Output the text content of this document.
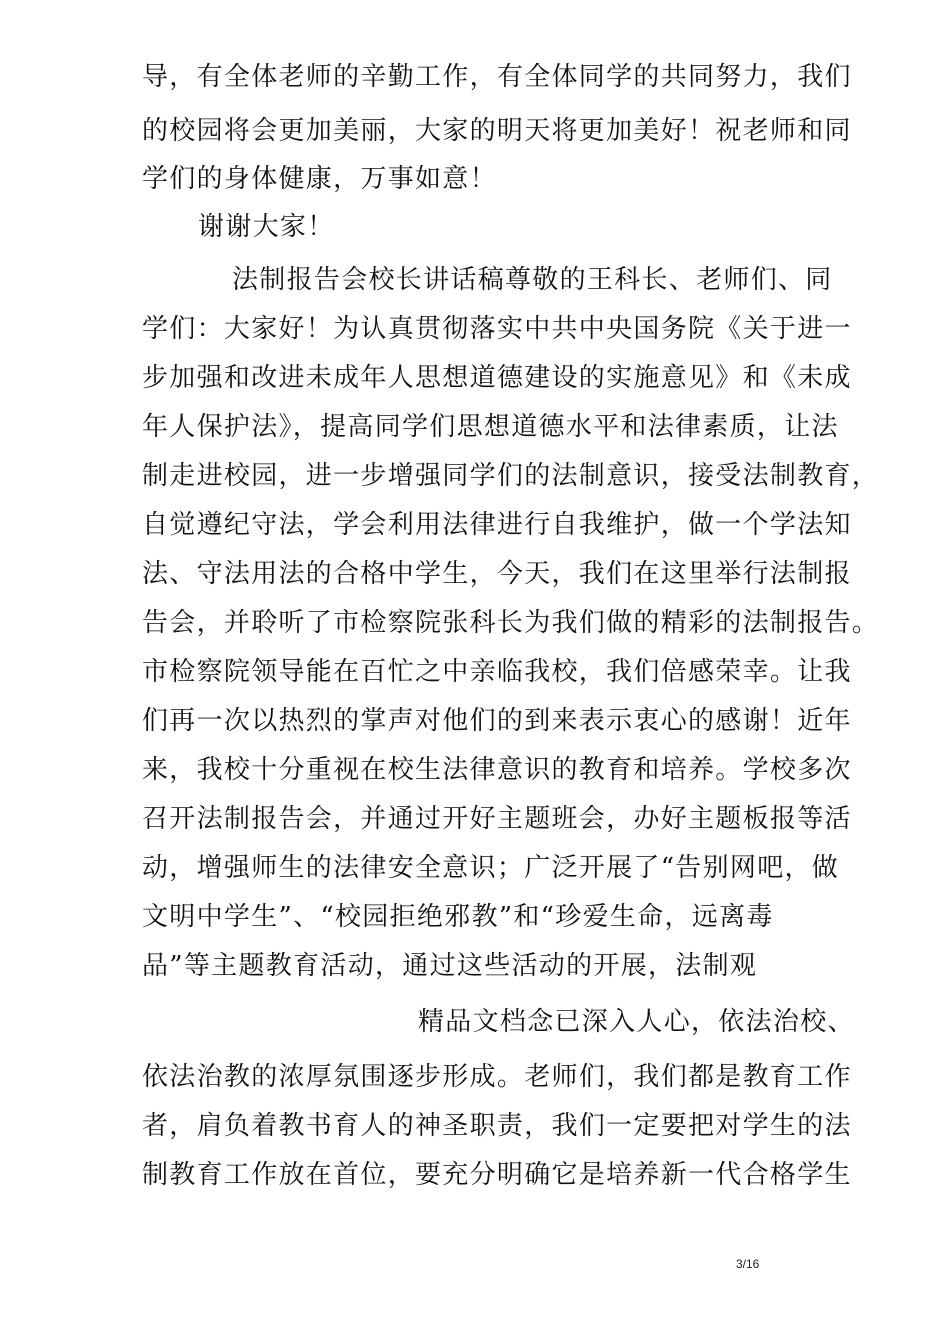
导，有全体老师的辛勤工作，有全体同学的共同努力，我们
的校园将会更加美丽，大家的明天将更加美好！祝老师和同
学们的身体健康，万事如意！
谢谢大家！
法制报告会校长讲话稿尊敬的王科长、老师们、同
学们：大家好！为认真贯彻落实中共中央国务院《关于进一
步加强和改进未成年人思想道德建设的实施意见》和《未成
年人保护法》，提高同学们思想道德水平和法律素质，让法
制走进校园，进一步增强同学们的法制意识，接受法制教育，
自觉遵纪守法，学会利用法律进行自我维护，做一个学法知
法、守法用法的合格中学生，今天，我们在这里举行法制报
告会，并聆听了市检察院张科长为我们做的精彩的法制报告。
市检察院领导能在百忙之中亲临我校，我们倍感荣幸。让我
们再一次以热烈的掌声对他们的到来表示衷心的感谢！近年
来，我校十分重视在校生法律意识的教育和培养。学校多次
召开法制报告会，并通过开好主题班会，办好主题板报等活
动，增强师生的法律安全意识；广泛开展了“告别网吧，做
文明中学生”、“校园拒绝邪教”和“珍爱生命，远离毒
品”等主题教育活动，通过这些活动的开展，法制观
精品文档念已深入人心，依法治校、
依法治教的浓厚氛围逐步形成。老师们，我们都是教育工作
者，肩负着教书育人的神圣职责，我们一定要把对学生的法
制教育工作放在首位，要充分明确它是培养新一代合格学生
3/16
